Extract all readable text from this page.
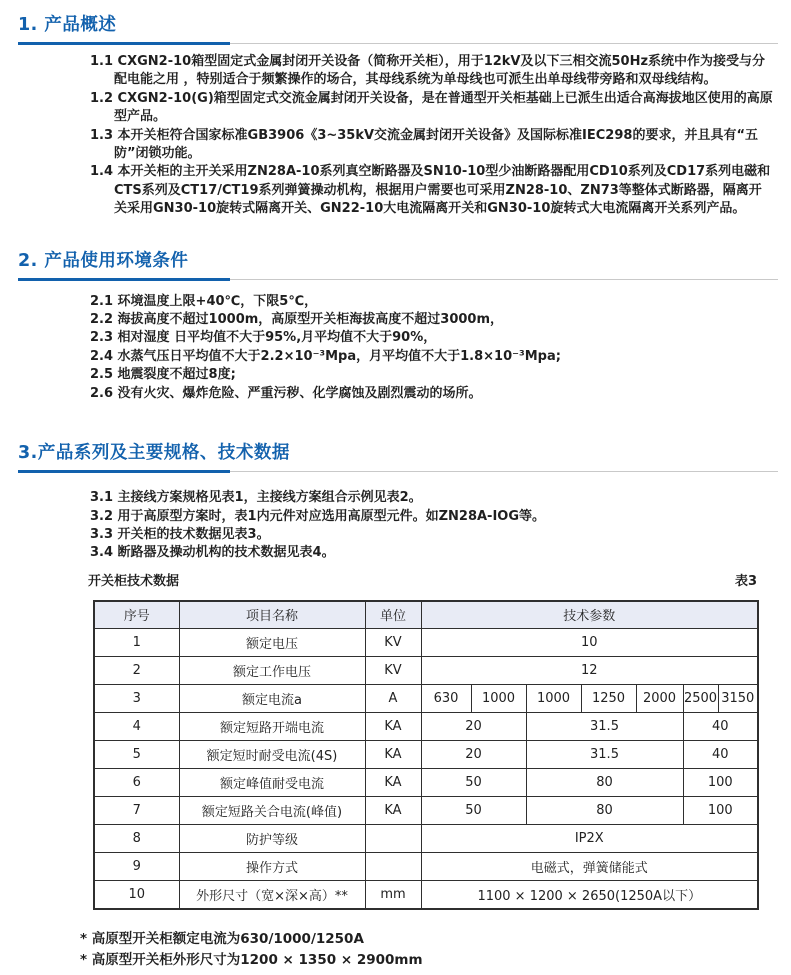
1. 产品概述
1.1 CXGN2-10箱型固定式金属封闭开关设备（简称开关柜），用于12kV及以下三相交流50Hz系统中作为接受与分配电能之用 ，特别适合于频繁操作的场合，其母线系统为单母线也可派生出单母线带旁路和双母线结构。
1.2 CXGN2-10(G)箱型固定式交流金属封闭开关设备，是在普通型开关柜基础上已派生出适合高海拔地区使用的高原型产品。
1.3 本开关柜符合国家标准GB3906《3~35kV交流金属封闭开关设备》及国际标准IEC298的要求，并且具有“五防”闭锁功能。
1.4 本开关柜的主开关采用ZN28A-10系列真空断路器及SN10-10型少油断路器配用CD10系列及CD17系列电磁和CTS系列及CT17/CT19系列弹簧操动机构，根据用户需要也可采用ZN28-10、ZN73等整体式断路器，隔离开关采用GN30-10旋转式隔离开关、GN22-10大电流隔离开关和GN30-10旋转式大电流隔离开关系列产品。
2. 产品使用环境条件
2.1 环境温度上限+40℃，下限5℃，
2.2 海拔高度不超过1000m，高原型开关柜海拔高度不超过3000m，
2.3 相对湿度 日平均值不大于95%,月平均值不大于90%，
2.4 水蒸气压日平均值不大于2.2×10⁻³Mpa，月平均值不大于1.8×10⁻³Mpa;
2.5 地震裂度不超过8度;
2.6 没有火灾、爆炸危险、严重污秽、化学腐蚀及剧烈震动的场所。
3.产品系列及主要规格、技术数据
3.1 主接线方案规格见表1，主接线方案组合示例见表2。
3.2 用于高原型方案时，表1内元件对应选用高原型元件。如ZN28A-IOG等。
3.3 开关柜的技术数据见表3。
3.4 断路器及操动机构的技术数据见表4。
开关柜技术数据	表3
序号	项目名称	单位	技术参数						
1	额定电压	KV	10						
2	额定工作电压	KV	12						
3	额定电流a	A	630	1000	1000	1250	2000	2500	3150
4	额定短路开端电流	KA	20		31.5			40	
5	额定短时耐受电流(4S)	KA	20		31.5			40	
6	额定峰值耐受电流	KA	50		80			100	
7	额定短路关合电流(峰值)	KA	50		80			100	
8	防护等级		IP2X						
9	操作方式		电磁式，弹簧储能式						
10	外形尺寸（宽×深×高）**	mm	1100 × 1200 × 2650(1250A以下）						
* 高原型开关柜额定电流为630/1000/1250A
* 高原型开关柜外形尺寸为1200 × 1350 × 2900mm
